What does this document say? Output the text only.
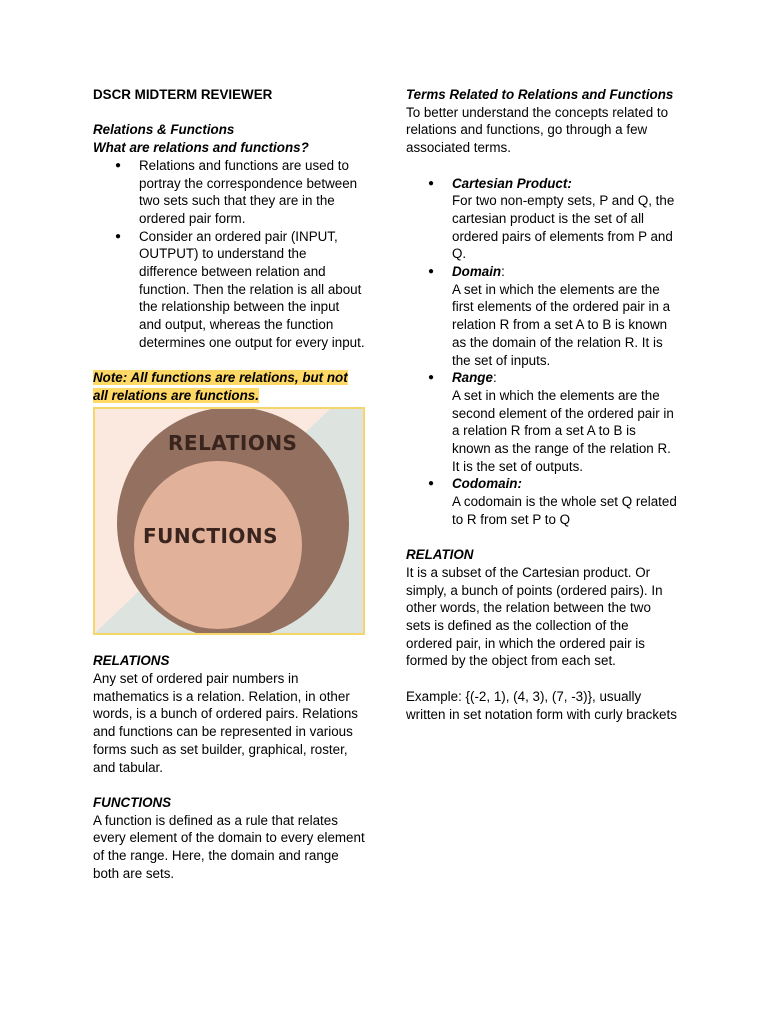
DSCR MIDTERM REVIEWER

Relations & Functions

What are relations and functions?

● Relations and functions are used to portray the correspondence between two sets such that they are in the ordered pair form.
● Consider an ordered pair (INPUT, OUTPUT) to understand the difference between relation and function. Then the relation is all about the relationship between the input and output, whereas the function determines one output for every input.

Note: All functions are relations, but not all relations are functions.

RELATIONS
FUNCTIONS

RELATIONS

Any set of ordered pair numbers in mathematics is a relation. Relation, in other words, is a bunch of ordered pairs. Relations and functions can be represented in various forms such as set builder, graphical, roster, and tabular.

FUNCTIONS

A function is defined as a rule that relates every element of the domain to every element of the range. Here, the domain and range both are sets.

Terms Related to Relations and Functions

To better understand the concepts related to relations and functions, go through a few associated terms.

● Cartesian Product:
For two non-empty sets, P and Q, the cartesian product is the set of all ordered pairs of elements from P and Q.
● Domain:
A set in which the elements are the first elements of the ordered pair in a relation R from a set A to B is known as the domain of the relation R. It is the set of inputs.
● Range:
A set in which the elements are the second element of the ordered pair in a relation R from a set A to B is known as the range of the relation R. It is the set of outputs.
● Codomain:
A codomain is the whole set Q related to R from set P to Q

RELATION

It is a subset of the Cartesian product. Or simply, a bunch of points (ordered pairs). In other words, the relation between the two sets is defined as the collection of the ordered pair, in which the ordered pair is formed by the object from each set.

Example: {(-2, 1), (4, 3), (7, -3)}, usually written in set notation form with curly brackets
